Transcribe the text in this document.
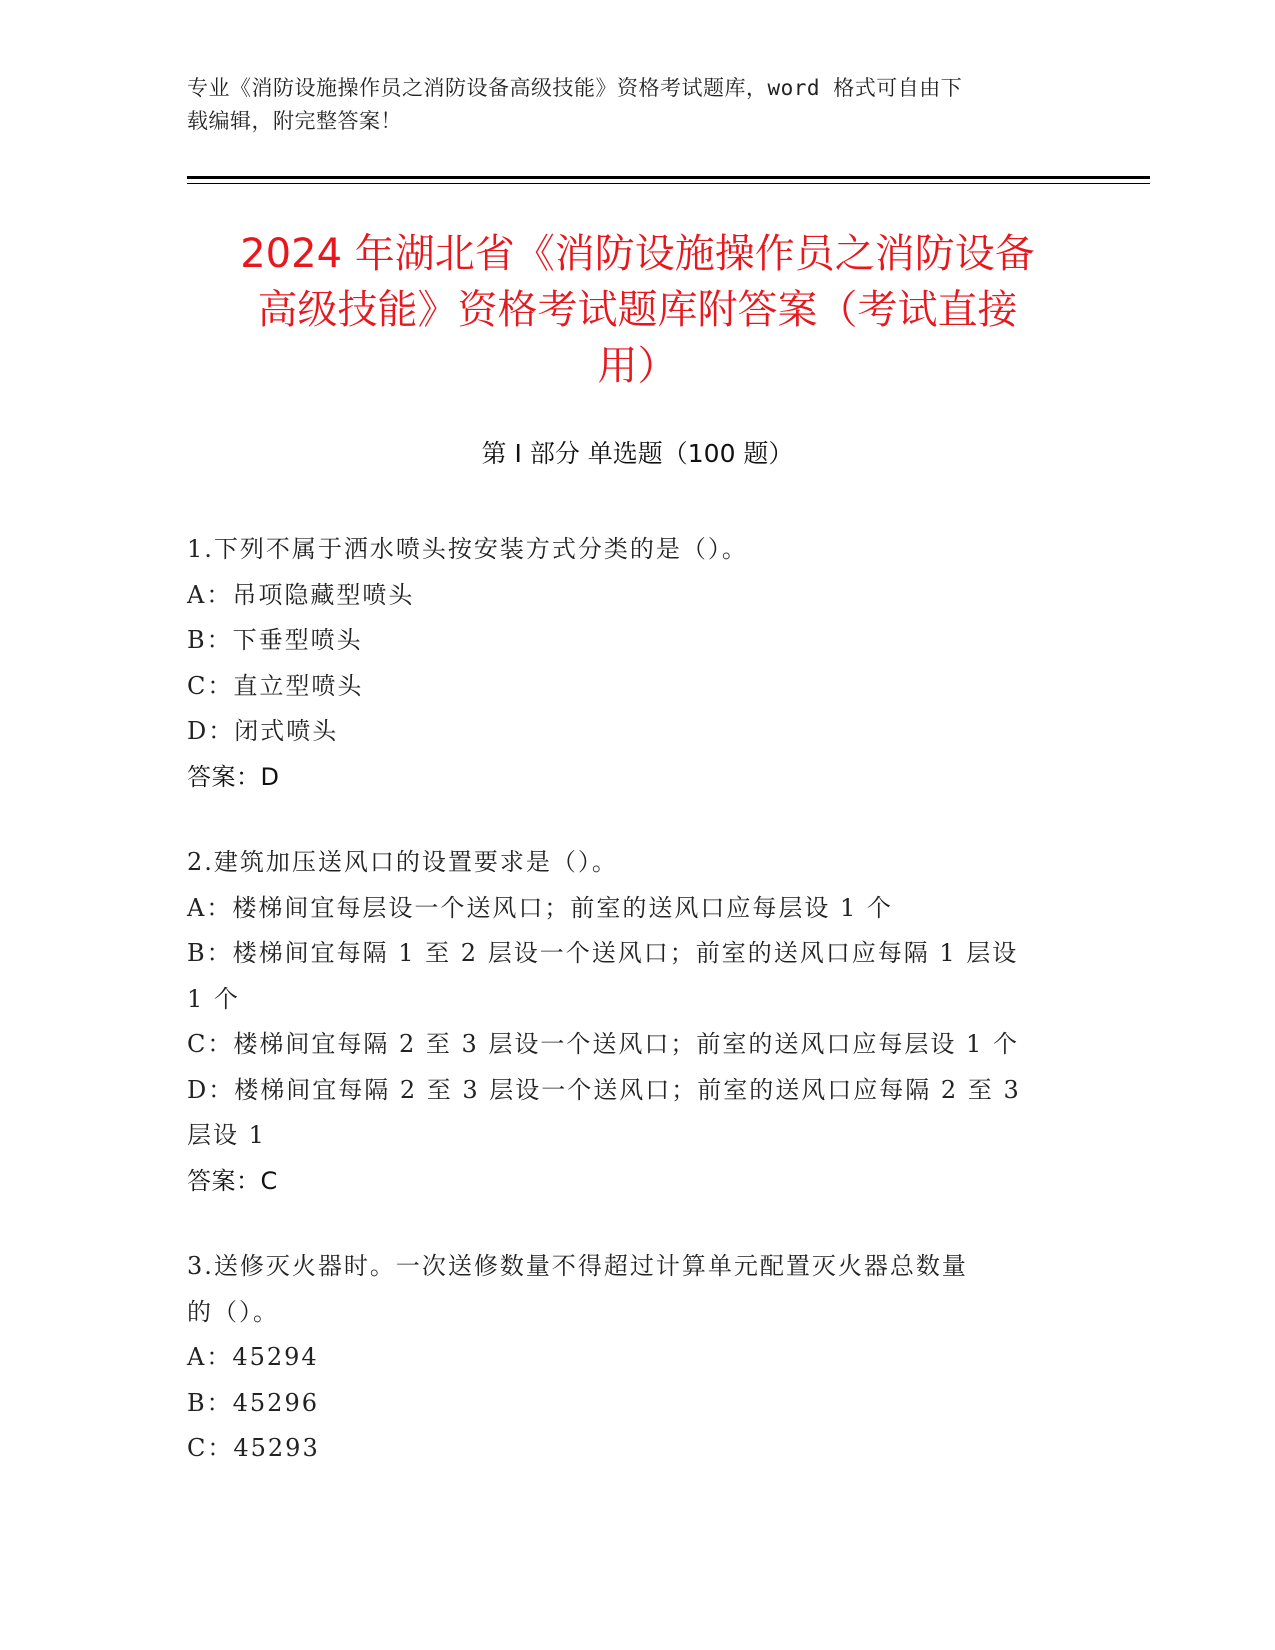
专业《消防设施操作员之消防设备高级技能》资格考试题库，word 格式可自由下
载编辑，附完整答案！
2024 年湖北省《消防设施操作员之消防设备
高级技能》资格考试题库附答案（考试直接
用）
第 I 部分 单选题（100 题）
1.下列不属于洒水喷头按安装方式分类的是（）。
A：吊项隐藏型喷头
B：下垂型喷头
C：直立型喷头
D：闭式喷头
答案：D
2.建筑加压送风口的设置要求是（）。
A：楼梯间宜每层设一个送风口；前室的送风口应每层设 1 个
B：楼梯间宜每隔 1 至 2 层设一个送风口；前室的送风口应每隔 1 层设
1 个
C：楼梯间宜每隔 2 至 3 层设一个送风口；前室的送风口应每层设 1 个
D：楼梯间宜每隔 2 至 3 层设一个送风口；前室的送风口应每隔 2 至 3
层设 1
答案：C
3.送修灭火器时。一次送修数量不得超过计算单元配置灭火器总数量
的（）。
A：45294
B：45296
C：45293
